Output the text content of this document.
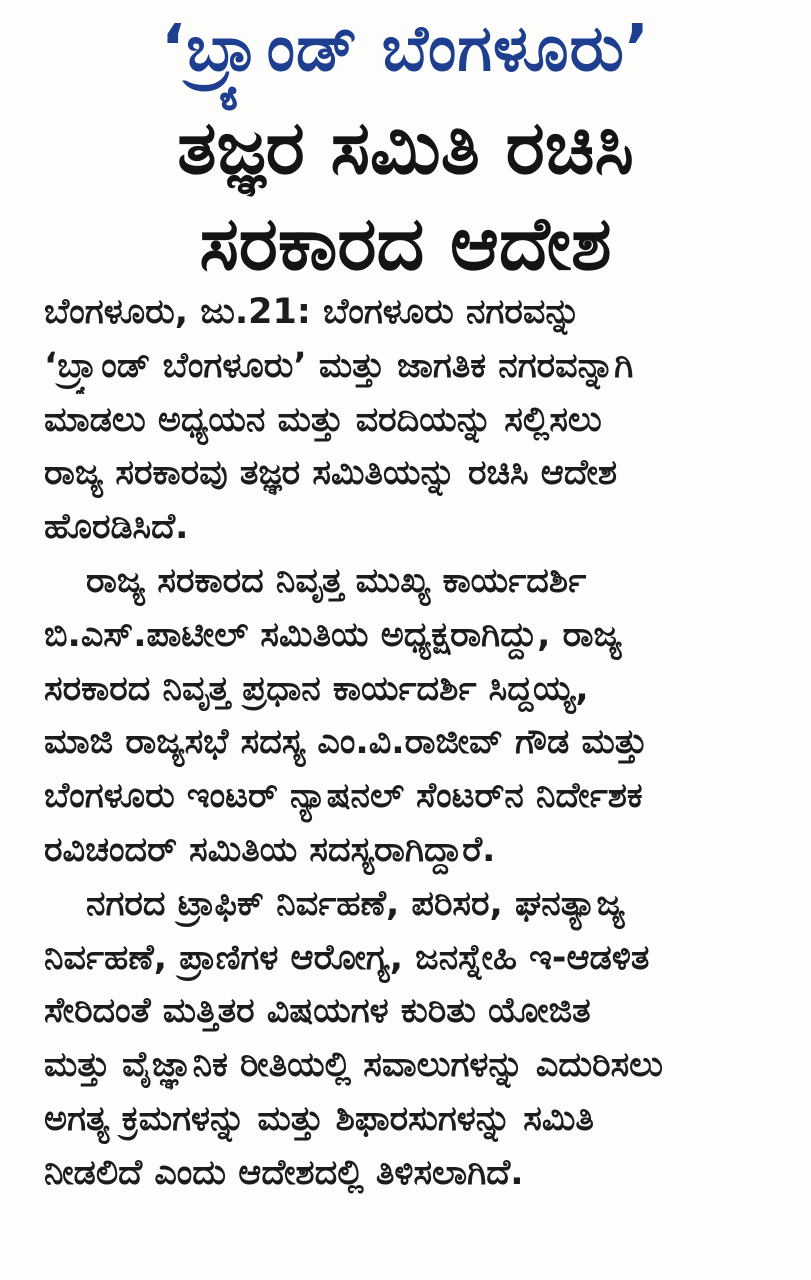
‘ಬ್ರ್ಯಾಂಡ್ ಬೆಂಗಳೂರು’
ತಜ್ಞರ ಸಮಿತಿ ರಚಿಸಿ
ಸರಕಾರದ ಆದೇಶ
ಬೆಂಗಳೂರು, ಜು.21: ಬೆಂಗಳೂರು ನಗರವನ್ನು
‘ಬ್ರ್ಯಾಂಡ್ ಬೆಂಗಳೂರು’ ಮತ್ತು ಜಾಗತಿಕ ನಗರವನ್ನಾಗಿ
ಮಾಡಲು ಅಧ್ಯಯನ ಮತ್ತು ವರದಿಯನ್ನು ಸಲ್ಲಿಸಲು
ರಾಜ್ಯ ಸರಕಾರವು ತಜ್ಞರ ಸಮಿತಿಯನ್ನು ರಚಿಸಿ ಆದೇಶ
ಹೊರಡಿಸಿದೆ.
ರಾಜ್ಯ ಸರಕಾರದ ನಿವೃತ್ತ ಮುಖ್ಯ ಕಾರ್ಯದರ್ಶಿ
ಬಿ.ಎಸ್.ಪಾಟೀಲ್ ಸಮಿತಿಯ ಅಧ್ಯಕ್ಷರಾಗಿದ್ದು, ರಾಜ್ಯ
ಸರಕಾರದ ನಿವೃತ್ತ ಪ್ರಧಾನ ಕಾರ್ಯದರ್ಶಿ ಸಿದ್ದಯ್ಯ,
ಮಾಜಿ ರಾಜ್ಯಸಭೆ ಸದಸ್ಯ ಎಂ.ವಿ.ರಾಜೀವ್ ಗೌಡ ಮತ್ತು
ಬೆಂಗಳೂರು ಇಂಟರ್ ನ್ಯಾಷನಲ್ ಸೆಂಟರ್‌ನ ನಿರ್ದೇಶಕ
ರವಿಚಂದರ್ ಸಮಿತಿಯ ಸದಸ್ಯರಾಗಿದ್ದಾರೆ.
ನಗರದ ಟ್ರಾಫಿಕ್ ನಿರ್ವಹಣೆ, ಪರಿಸರ, ಘನತ್ಯಾಜ್ಯ
ನಿರ್ವಹಣೆ, ಪ್ರಾಣಿಗಳ ಆರೋಗ್ಯ, ಜನಸ್ನೇಹಿ ಇ-ಆಡಳಿತ
ಸೇರಿದಂತೆ ಮತ್ತಿತರ ವಿಷಯಗಳ ಕುರಿತು ಯೋಜಿತ
ಮತ್ತು ವೈಜ್ಞಾನಿಕ ರೀತಿಯಲ್ಲಿ ಸವಾಲುಗಳನ್ನು ಎದುರಿಸಲು
ಅಗತ್ಯ ಕ್ರಮಗಳನ್ನು ಮತ್ತು ಶಿಫಾರಸುಗಳನ್ನು ಸಮಿತಿ
ನೀಡಲಿದೆ ಎಂದು ಆದೇಶದಲ್ಲಿ ತಿಳಿಸಲಾಗಿದೆ.
